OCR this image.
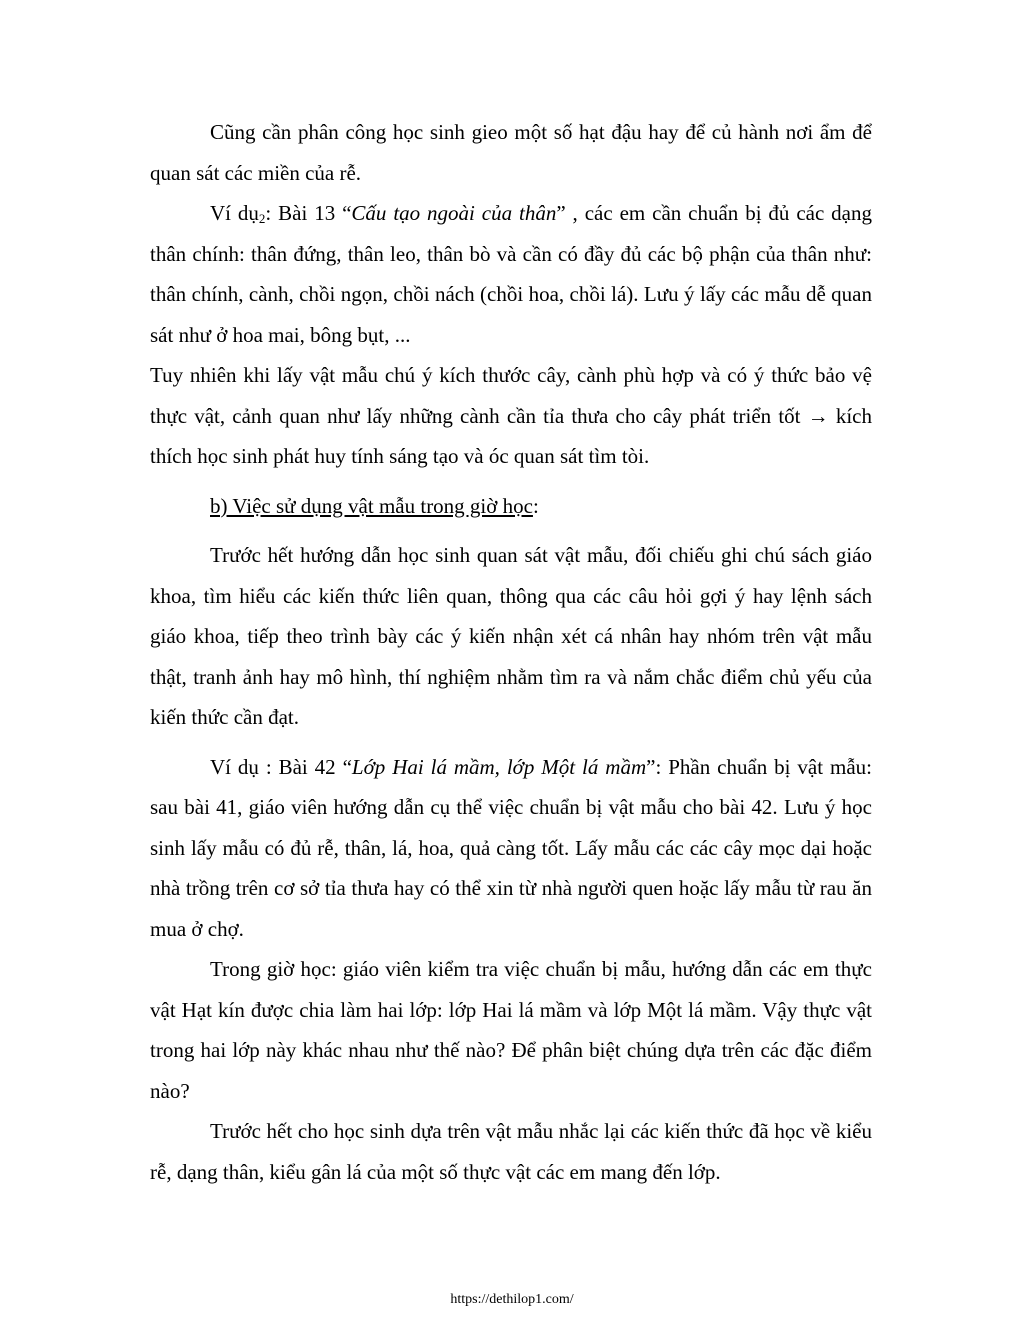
Cũng cần phân công học sinh gieo một số hạt đậu hay để củ hành nơi ẩm để quan sát các miền của rễ.

Ví dụ$_2$: Bài 13 “Cấu tạo ngoài của thân” , các em cần chuẩn bị đủ các dạng thân chính: thân đứng, thân leo, thân bò và cần có đầy đủ các bộ phận của thân như: thân chính, cành, chồi ngọn, chồi nách (chồi hoa, chồi lá). Lưu ý lấy các mẫu dễ quan sát như ở hoa mai, bông bụt, ...

Tuy nhiên khi lấy vật mẫu chú ý kích thước cây, cành phù hợp và có ý thức bảo vệ thực vật, cảnh quan như lấy những cành cần tỉa thưa cho cây phát triển tốt → kích thích học sinh phát huy tính sáng tạo và óc quan sát tìm tòi.

b) Việc sử dụng vật mẫu trong giờ học:

Trước hết hướng dẫn học sinh quan sát vật mẫu, đối chiếu ghi chú sách giáo khoa, tìm hiểu các kiến thức liên quan, thông qua các câu hỏi gợi ý hay lệnh sách giáo khoa, tiếp theo trình bày các ý kiến nhận xét cá nhân hay nhóm trên vật mẫu thật, tranh ảnh hay mô hình, thí nghiệm nhằm tìm ra và nắm chắc điểm chủ yếu của kiến thức cần đạt.

Ví dụ : Bài 42 “Lớp Hai lá mầm, lớp Một lá mầm”: Phần chuẩn bị vật mẫu: sau bài 41, giáo viên hướng dẫn cụ thể việc chuẩn bị vật mẫu cho bài 42. Lưu ý học sinh lấy mẫu có đủ rễ, thân, lá, hoa, quả càng tốt. Lấy mẫu các các cây mọc dại hoặc nhà trồng trên cơ sở tỉa thưa hay có thể xin từ nhà người quen hoặc lấy mẫu từ rau ăn mua ở chợ.

Trong giờ học: giáo viên kiểm tra việc chuẩn bị mẫu, hướng dẫn các em thực vật Hạt kín được chia làm hai lớp: lớp Hai lá mầm và lớp Một lá mầm. Vậy thực vật trong hai lớp này khác nhau như thế nào? Để phân biệt chúng dựa trên các đặc điểm nào?

Trước hết cho học sinh dựa trên vật mẫu nhắc lại các kiến thức đã học về kiểu rễ, dạng thân, kiểu gân lá của một số thực vật các em mang đến lớp.

https://dethilop1.com/
